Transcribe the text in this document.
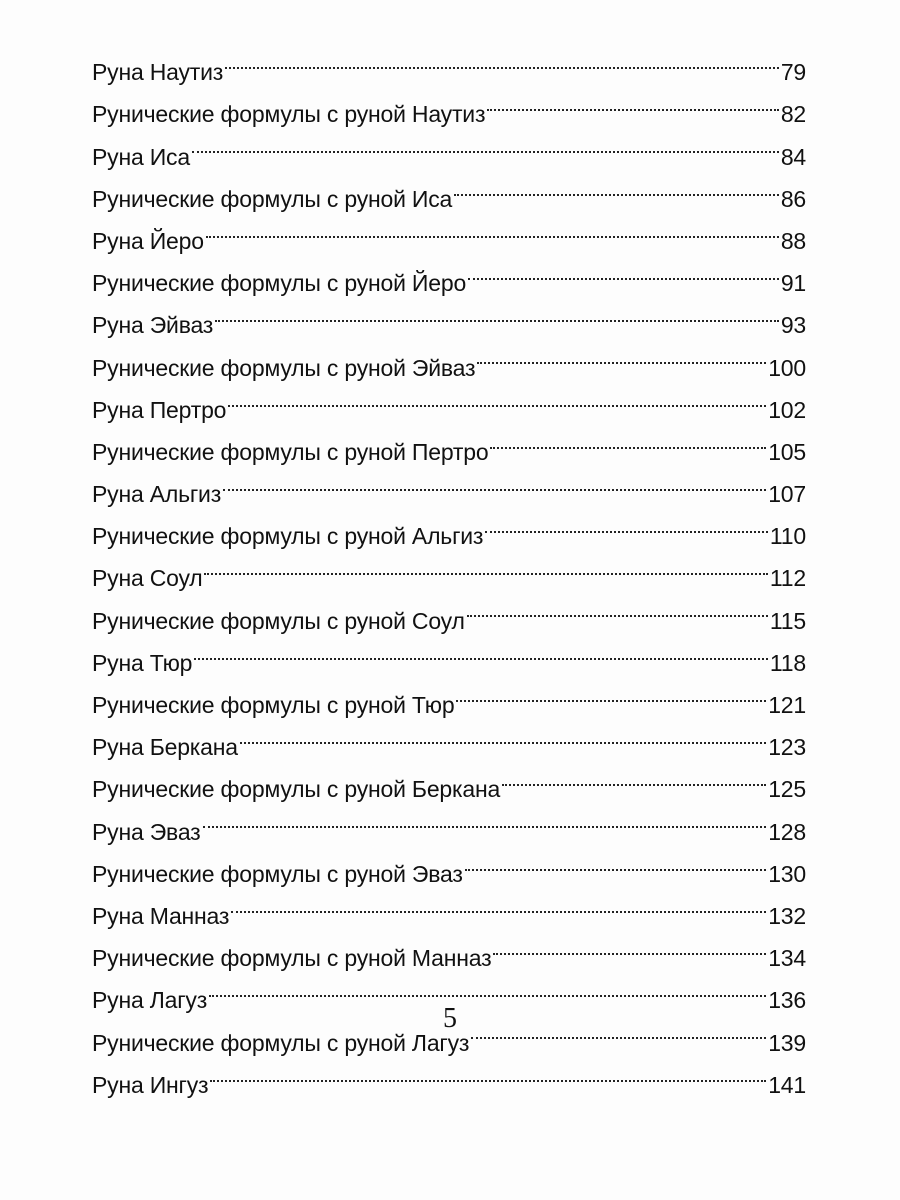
Руна Наутиз	79
Рунические формулы с руной Наутиз	82
Руна Иса	84
Рунические формулы с руной Иса	86
Руна Йеро	88
Рунические формулы с руной Йеро	91
Руна Эйваз	93
Рунические формулы с руной Эйваз	100
Руна Пертро	102
Рунические формулы с руной Пертро	105
Руна Альгиз	107
Рунические формулы с руной Альгиз	110
Руна Соул	112
Рунические формулы с руной Соул	115
Руна Тюр	118
Рунические формулы с руной Тюр	121
Руна Беркана	123
Рунические формулы с руной Беркана	125
Руна Эваз	128
Рунические формулы с руной Эваз	130
Руна Манназ	132
Рунические формулы с руной Манназ	134
Руна Лагуз	136
Рунические формулы с руной Лагуз	139
Руна Ингуз	141
5
